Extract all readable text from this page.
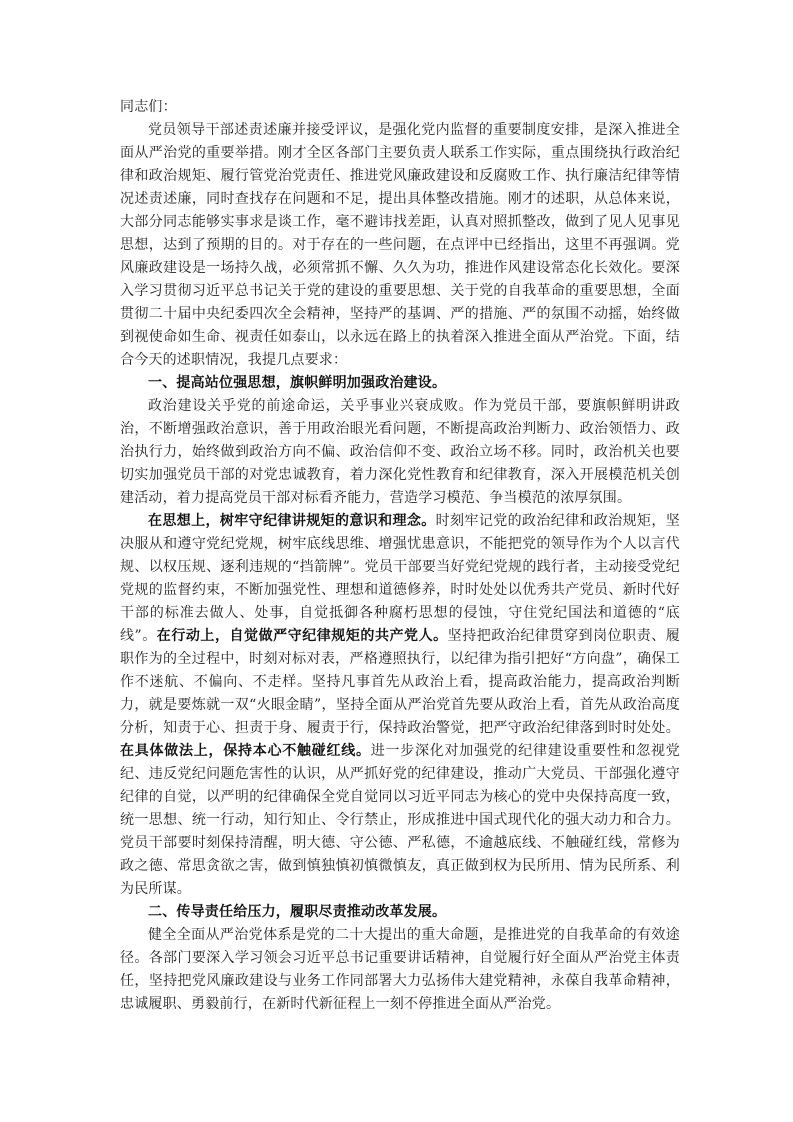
同志们：

党员领导干部述责述廉并接受评议，是强化党内监督的重要制度安排，是深入推进全面从严治党的重要举措。刚才全区各部门主要负责人联系工作实际，重点围绕执行政治纪律和政治规矩、履行管党治党责任、推进党风廉政建设和反腐败工作、执行廉洁纪律等情况述责述廉，同时查找存在问题和不足，提出具体整改措施。刚才的述职，从总体来说，大部分同志能够实事求是谈工作，毫不避讳找差距，认真对照抓整改，做到了见人见事见思想，达到了预期的目的。对于存在的一些问题，在点评中已经指出，这里不再强调。党风廉政建设是一场持久战，必须常抓不懈、久久为功，推进作风建设常态化长效化。要深入学习贯彻习近平总书记关于党的建设的重要思想、关于党的自我革命的重要思想，全面贯彻二十届中央纪委四次全会精神，坚持严的基调、严的措施、严的氛围不动摇，始终做到视使命如生命、视责任如泰山，以永远在路上的执着深入推进全面从严治党。下面，结合今天的述职情况，我提几点要求：

一、提高站位强思想，旗帜鲜明加强政治建设。

政治建设关乎党的前途命运，关乎事业兴衰成败。作为党员干部，要旗帜鲜明讲政治，不断增强政治意识，善于用政治眼光看问题，不断提高政治判断力、政治领悟力、政治执行力，始终做到政治方向不偏、政治信仰不变、政治立场不移。同时，政治机关也要切实加强党员干部的对党忠诚教育，着力深化党性教育和纪律教育，深入开展模范机关创建活动，着力提高党员干部对标看齐能力，营造学习模范、争当模范的浓厚氛围。

在思想上，树牢守纪律讲规矩的意识和理念。时刻牢记党的政治纪律和政治规矩，坚决服从和遵守党纪党规，树牢底线思维、增强忧患意识，不能把党的领导作为个人以言代规、以权压规、逐利违规的“挡箭牌”。党员干部要当好党纪党规的践行者，主动接受党纪党规的监督约束，不断加强党性、理想和道德修养，时时处处以优秀共产党员、新时代好干部的标准去做人、处事，自觉抵御各种腐朽思想的侵蚀，守住党纪国法和道德的“底线”。在行动上，自觉做严守纪律规矩的共产党人。坚持把政治纪律贯穿到岗位职责、履职作为的全过程中，时刻对标对表，严格遵照执行，以纪律为指引把好“方向盘”，确保工作不迷航、不偏向、不走样。坚持凡事首先从政治上看，提高政治能力，提高政治判断力，就是要炼就一双“火眼金睛”，坚持全面从严治党首先要从政治上看，首先从政治高度分析，知责于心、担责于身、履责于行，保持政治警觉，把严守政治纪律落到时时处处。在具体做法上，保持本心不触碰红线。进一步深化对加强党的纪律建设重要性和忽视党纪、违反党纪问题危害性的认识，从严抓好党的纪律建设，推动广大党员、干部强化遵守纪律的自觉，以严明的纪律确保全党自觉同以习近平同志为核心的党中央保持高度一致，统一思想、统一行动，知行知止、令行禁止，形成推进中国式现代化的强大动力和合力。党员干部要时刻保持清醒，明大德、守公德、严私德，不逾越底线、不触碰红线，常修为政之德、常思贪欲之害，做到慎独慎初慎微慎友，真正做到权为民所用、情为民所系、利为民所谋。

二、传导责任给压力，履职尽责推动改革发展。

健全全面从严治党体系是党的二十大提出的重大命题，是推进党的自我革命的有效途径。各部门要深入学习领会习近平总书记重要讲话精神，自觉履行好全面从严治党主体责任，坚持把党风廉政建设与业务工作同部署大力弘扬伟大建党精神，永葆自我革命精神，忠诚履职、勇毅前行，在新时代新征程上一刻不停推进全面从严治党。
